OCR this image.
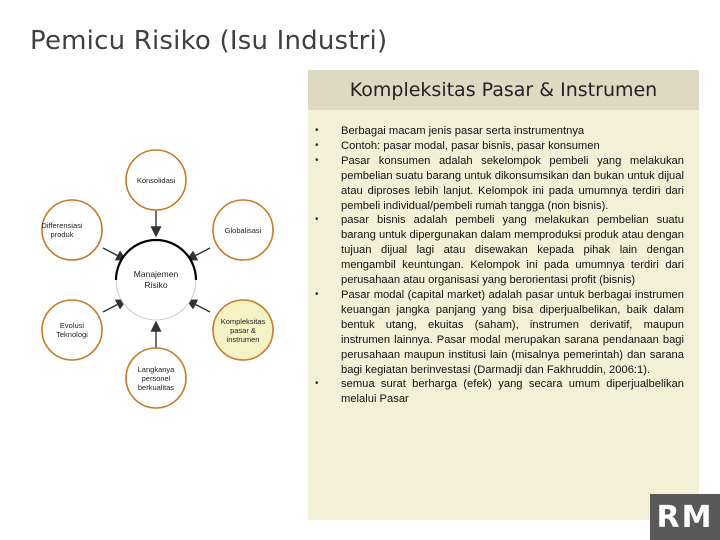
Pemicu Risiko (Isu Industri)
Manajemen Risiko
Konsolidasi
Globalisasi
Kompleksitas pasar & instrumen
Langkanya personel berkualitas
Evolusi Teknologi
Differensiasi produk
Kompleksitas Pasar & Instrumen
• Berbagai macam jenis pasar serta instrumentnya
• Contoh: pasar modal, pasar bisnis, pasar konsumen
• Pasar konsumen adalah sekelompok pembeli yang melakukan pembelian suatu barang untuk dikonsumsikan dan bukan untuk dijual atau diproses lebih lanjut. Kelompok ini pada umumnya terdiri dari pembeli individual/pembeli rumah tangga (non bisnis).
• pasar bisnis adalah pembeli yang melakukan pembelian suatu barang untuk dipergunakan dalam memproduksi produk atau dengan tujuan dijual lagi atau disewakan kepada pihak lain dengan mengambil keuntungan. Kelompok ini pada umumnya terdiri dari perusahaan atau organisasi yang berorientasi profit (bisnis)
• Pasar modal (capital market) adalah pasar untuk berbagai instrumen keuangan jangka panjang yang bisa diperjualbelikan, baik dalam bentuk utang, ekuitas (saham), instrumen derivatif, maupun instrumen lainnya. Pasar modal merupakan sarana pendanaan bagi perusahaan maupun institusi lain (misalnya pemerintah) dan sarana bagi kegiatan berinvestasi (Darmadji dan Fakhruddin, 2006:1).
• semua surat berharga (efek) yang secara umum diperjualbelikan melalui Pasar
RM
